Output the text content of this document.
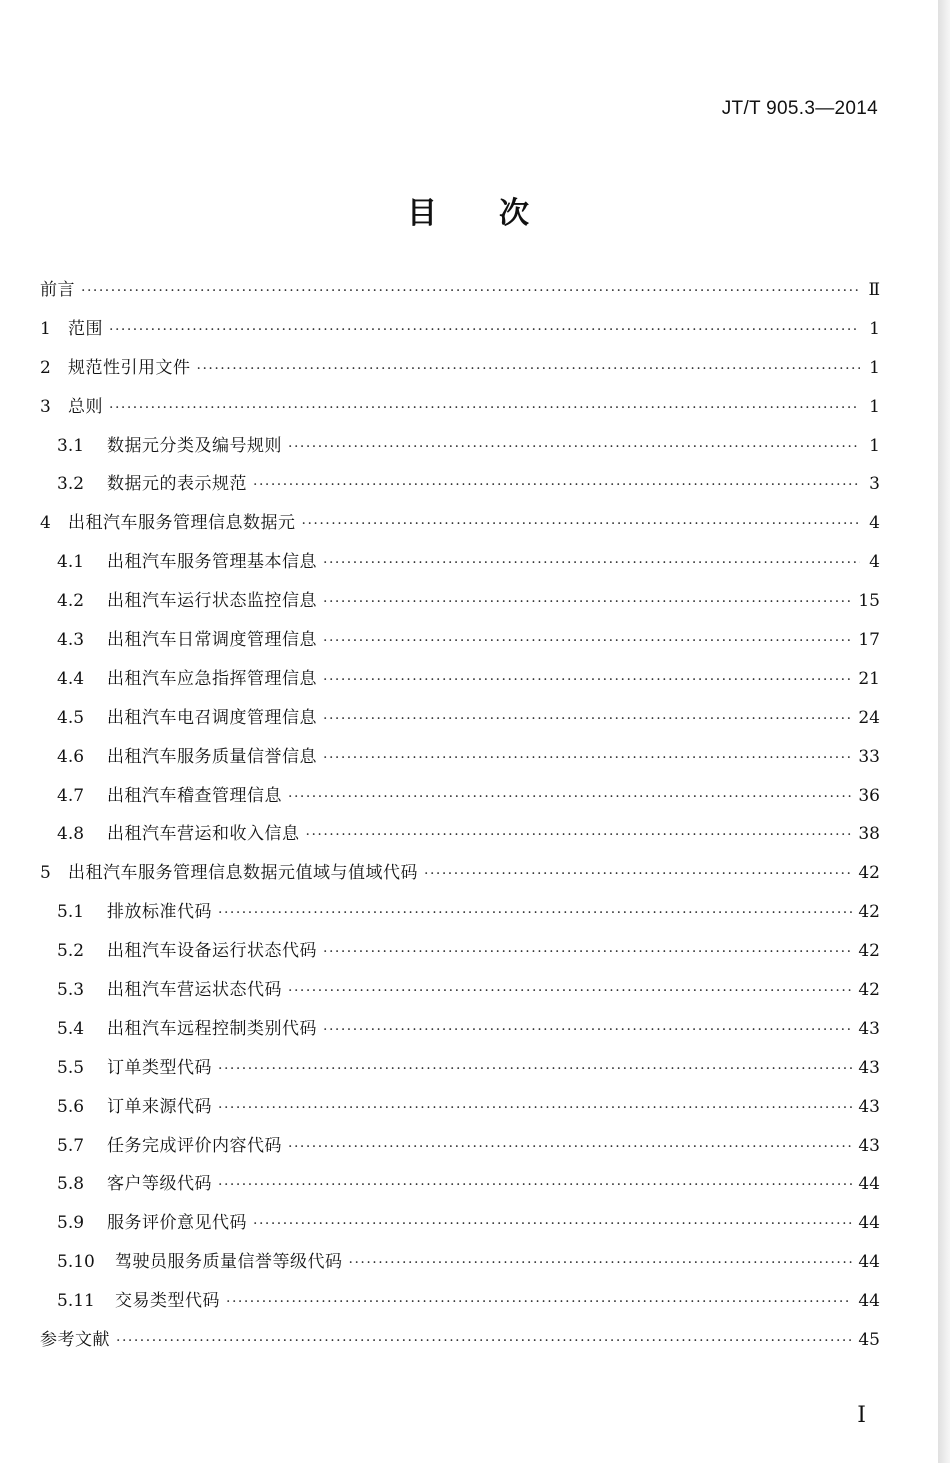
JT/T 905.3—2014
目 次
前言 ·····	Ⅱ
1	范围 ·····	1
2	规范性引用文件 ·····	1
3	总则 ·····	1
3.1	数据元分类及编号规则 ·····	1
3.2	数据元的表示规范 ·····	3
4	出租汽车服务管理信息数据元 ·····	4
4.1	出租汽车服务管理基本信息 ·····	4
4.2	出租汽车运行状态监控信息 ·····	15
4.3	出租汽车日常调度管理信息 ·····	17
4.4	出租汽车应急指挥管理信息 ·····	21
4.5	出租汽车电召调度管理信息 ·····	24
4.6	出租汽车服务质量信誉信息 ·····	33
4.7	出租汽车稽查管理信息 ·····	36
4.8	出租汽车营运和收入信息 ·····	38
5	出租汽车服务管理信息数据元值域与值域代码 ·····	42
5.1	排放标准代码 ·····	42
5.2	出租汽车设备运行状态代码 ·····	42
5.3	出租汽车营运状态代码 ·····	42
5.4	出租汽车远程控制类别代码 ·····	43
5.5	订单类型代码 ·····	43
5.6	订单来源代码 ·····	43
5.7	任务完成评价内容代码 ·····	43
5.8	客户等级代码 ·····	44
5.9	服务评价意见代码 ·····	44
5.10	驾驶员服务质量信誉等级代码 ·····	44
5.11	交易类型代码 ·····	44
参考文献 ·····	45
Ⅰ
